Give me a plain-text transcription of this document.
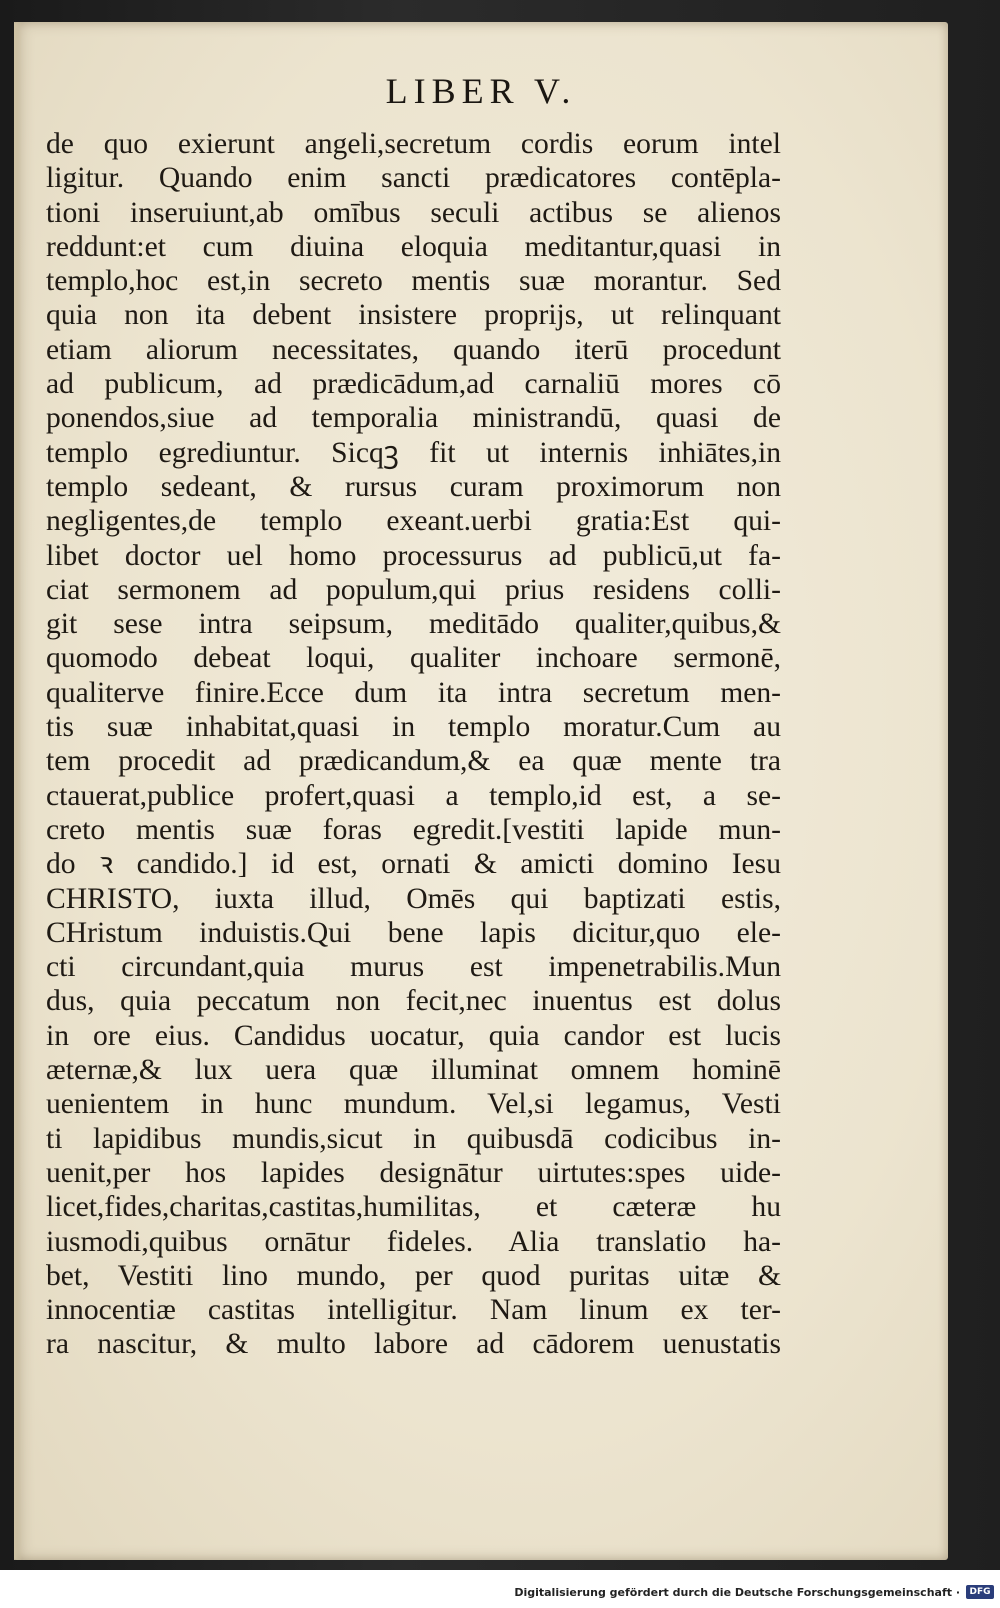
LIBER V.
de quo exierunt angeli,secretum cordis eorum intel
ligitur. Quando enim sancti prædicatores contēpla-
tioni inseruiunt,ab omībus seculi actibus se alienos
reddunt:et cum diuina eloquia meditantur,quasi in
templo,hoc est,in secreto mentis suæ morantur. Sed
quia non ita debent insistere proprijs, ut relinquant
etiam aliorum necessitates, quando iterū procedunt
ad publicum, ad prædicādum,ad carnaliū mores cō
ponendos,siue ad temporalia ministrandū, quasi de
templo egrediuntur. Sicqꝫ fit ut internis inhiātes,in
templo sedeant, & rursus curam proximorum non
negligentes,de templo exeant.uerbi gratia:Est qui-
libet doctor uel homo processurus ad publicū,ut fa-
ciat sermonem ad populum,qui prius residens colli-
git sese intra seipsum, meditādo qualiter,quibus,&
quomodo debeat loqui, qualiter inchoare sermonē,
qualiterve finire.Ecce dum ita intra secretum men-
tis suæ inhabitat,quasi in templo moratur.Cum au
tem procedit ad prædicandum,& ea quæ mente tra
ctauerat,publice profert,quasi a templo,id est, a se-
creto mentis suæ foras egredit.[vestiti lapide mun-
do ꝛ candido.] id est, ornati & amicti domino Iesu
CHRISTO, iuxta illud, Omēs qui baptizati estis,
CHristum induistis.Qui bene lapis dicitur,quo ele-
cti circundant,quia murus est impenetrabilis.Mun
dus, quia peccatum non fecit,nec inuentus est dolus
in ore eius. Candidus uocatur, quia candor est lucis
æternæ,& lux uera quæ illuminat omnem hominē
uenientem in hunc mundum. Vel,si legamus, Vesti
ti lapidibus mundis,sicut in quibusdā codicibus in-
uenit,per hos lapides designātur uirtutes:spes uide-
licet,fides,charitas,castitas,humilitas, et cæteræ hu
iusmodi,quibus ornātur fideles. Alia translatio ha-
bet, Vestiti lino mundo, per quod puritas uitæ &
innocentiæ castitas intelligitur. Nam linum ex ter-
ra nascitur, & multo labore ad cādorem uenustatis
Digitalisierung gefördert durch die Deutsche Forschungsgemeinschaft ·	DFG
